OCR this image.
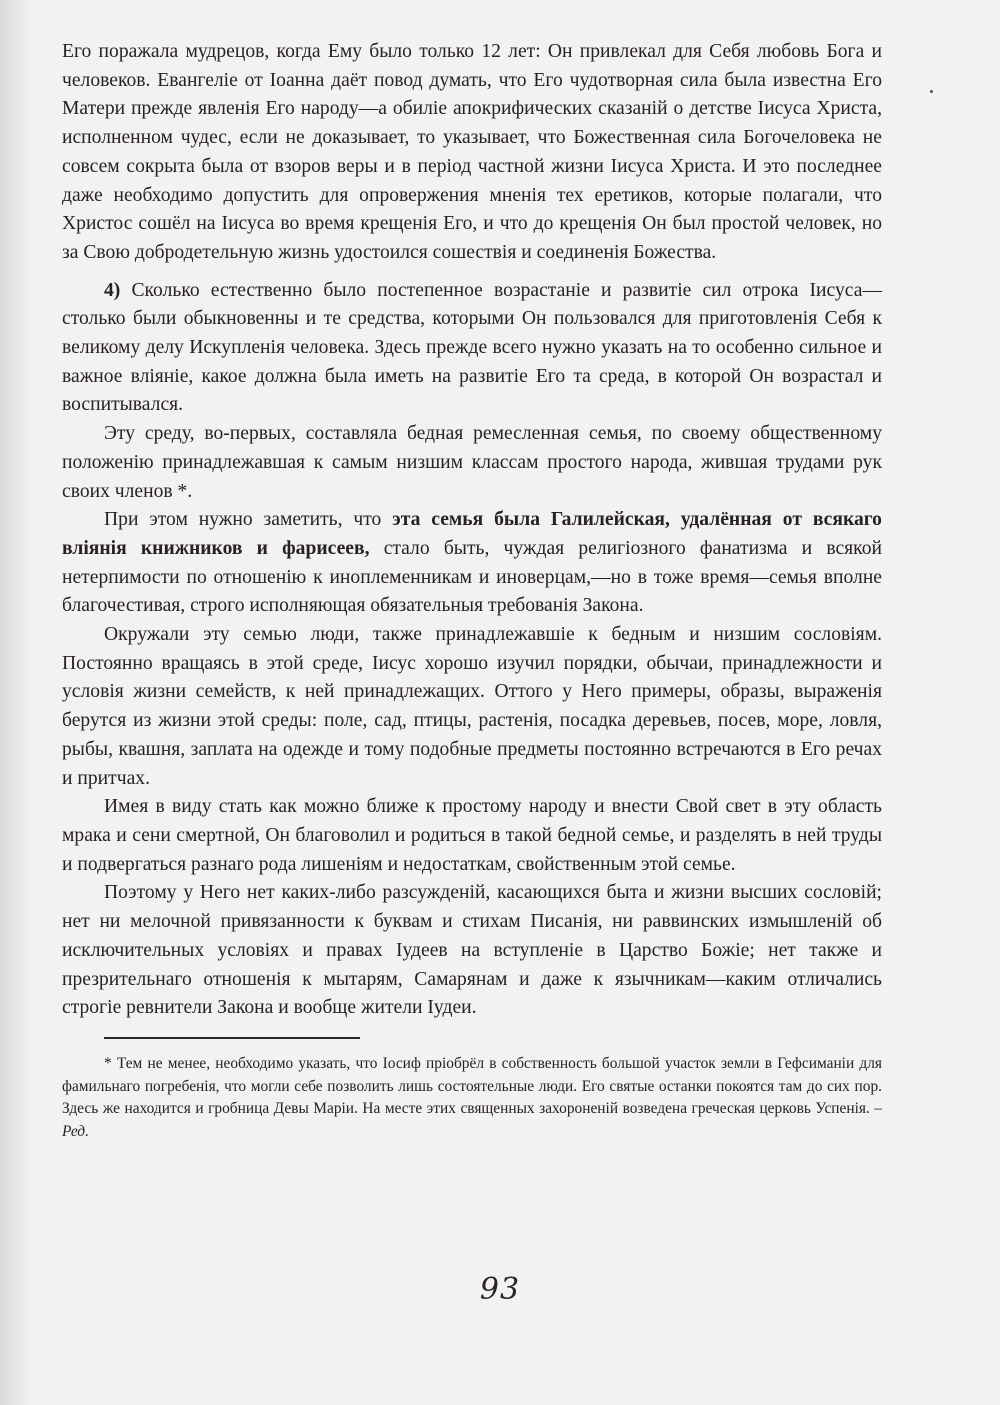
Его поражала мудрецов, когда Ему было только 12 лет: Он привлекал для Себя любовь Бога и человеков. Евангеліе от Іоанна даёт повод думать, что Его чудотворная сила была известна Его Матери прежде явленія Его народу—а обиліе апокрифических сказаній о детстве Іисуса Христа, исполненном чудес, если не доказывает, то указывает, что Божественная сила Богочеловека не совсем сокрыта была от взоров веры и в період частной жизни Іисуса Христа. И это последнее даже необходимо допустить для опровержения мненія тех еретиков, которые полагали, что Христос сошёл на Іисуса во время крещенія Его, и что до крещенія Он был простой человек, но за Свою добродетельную жизнь удостоился сошествія и соединенія Божества.

4) Сколько естественно было постепенное возрастаніе и развитіе сил отрока Іисуса—столько были обыкновенны и те средства, которыми Он пользовался для приготовленія Себя к великому делу Искупленія человека. Здесь прежде всего нужно указать на то особенно сильное и важное вліяніе, какое должна была иметь на развитіе Его та среда, в которой Он возрастал и воспитывался.

Эту среду, во-первых, составляла бедная ремесленная семья, по своему общественному положенію принадлежавшая к самым низшим классам простого народа, жившая трудами рук своих членов *.

При этом нужно заметить, что эта семья была Галилейская, удалённая от всякаго вліянія книжников и фарисеев, стало быть, чуждая религіозного фанатизма и всякой нетерпимости по отношенію к иноплеменникам и иноверцам,—но в тоже время—семья вполне благочестивая, строго исполняющая обязательныя требованія Закона.

Окружали эту семью люди, также принадлежавшіе к бедным и низшим сословіям. Постоянно вращаясь в этой среде, Іисус хорошо изучил порядки, обычаи, принадлежности и условія жизни семейств, к ней принадлежащих. Оттого у Него примеры, образы, выраженія берутся из жизни этой среды: поле, сад, птицы, растенія, посадка деревьев, посев, море, ловля, рыбы, квашня, заплата на одежде и тому подобные предметы постоянно встречаются в Его речах и притчах.

Имея в виду стать как можно ближе к простому народу и внести Свой свет в эту область мрака и сени смертной, Он благоволил и родиться в такой бедной семье, и разделять в ней труды и подвергаться разнаго рода лишеніям и недостаткам, свойственным этой семье.

Поэтому у Него нет каких-либо разсужденій, касающихся быта и жизни высших сословій; нет ни мелочной привязанности к буквам и стихам Писанія, ни раввинских измышленій об исключительных условіях и правах Іудеев на вступленіе в Царство Божіе; нет также и презрительнаго отношенія к мытарям, Самарянам и даже к язычникам—каким отличались строгіе ревнители Закона и вообще жители Іудеи.

* Тем не менее, необходимо указать, что Іосиф пріобрёл в собственность большой участок земли в Гефсиманіи для фамильнаго погребенія, что могли себе позволить лишь состоятельные люди. Его святые останки покоятся там до сих пор. Здесь же находится и гробница Девы Маріи. На месте этих священных захороненій возведена греческая церковь Успенія. – Ред.

93
